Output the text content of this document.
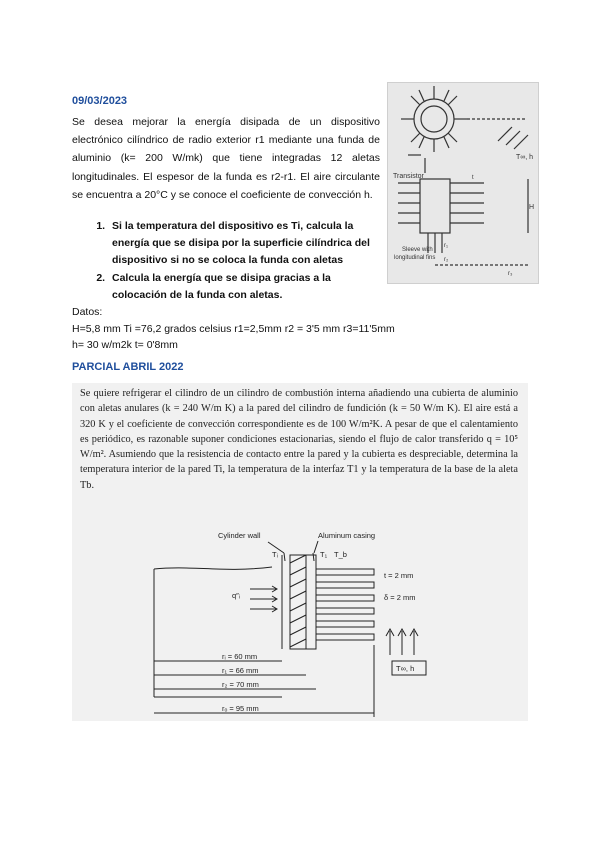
09/03/2023
Se desea mejorar la energía disipada de un dispositivo electrónico cilíndrico de radio exterior r1 mediante una funda de aluminio (k= 200 W/mk) que tiene integradas 12 aletas longitudinales. El espesor de la funda es r2-r1. El aire circulante se encuentra a 20°C y se conoce el coeficiente de convección h.
1. Si la temperatura del dispositivo es Ti, calcula la energía que se disipa por la superficie cilíndrica del dispositivo si no se coloca la funda con aletas
2. Calcula la energía que se disipa gracias a la colocación de la funda con aletas.
Datos:
H=5,8 mm Ti =76,2 grados celsius r1=2,5mm r2 = 3'5 mm r3=11'5mm
h= 30 w/m2k t= 0'8mm
Transistor
Sleeve with
longitudinal fins
T∞, h
H
r₁
r₂
r₃
t
PARCIAL ABRIL 2022
Se quiere refrigerar el cilindro de un cilindro de combustión interna añadiendo una cubierta de aluminio con aletas anulares (k = 240 W/m K) a la pared del cilindro de fundición (k = 50 W/m K). El aire está a 320 K y el coeficiente de convección correspondiente es de 100 W/m²K. A pesar de que el calentamiento es periódico, es razonable suponer condiciones estacionarias, siendo el flujo de calor transferido q = 10⁵ W/m². Asumiendo que la resistencia de contacto entre la pared y la cubierta es despreciable, determina la temperatura interior de la pared Ti, la temperatura de la interfaz T1 y la temperatura de la base de la aleta Tb.
Cylinder wall	Aluminum casing
Tᵢ	T₁ T_b
q″ᵢ
t = 2 mm
δ = 2 mm
T∞, h
rᵢ = 60 mm
r₁ = 66 mm
r₂ = 70 mm
rₒ = 95 mm
